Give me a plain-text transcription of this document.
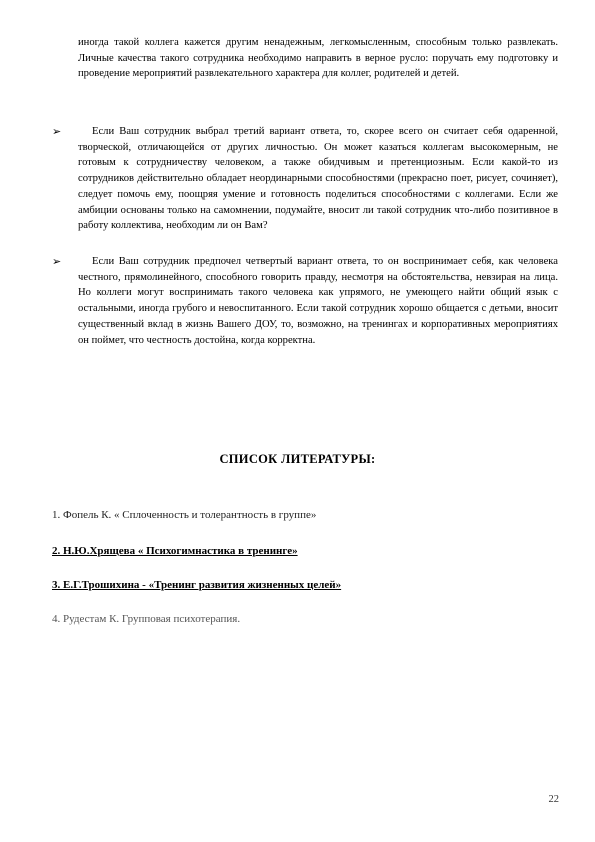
иногда такой коллега кажется другим ненадежным, легкомысленным, способным только развлекать. Личные качества такого сотрудника необходимо направить в верное русло: поручать ему подготовку и проведение мероприятий развлекательного характера для коллег, родителей и детей.

➢	Если Ваш сотрудник выбрал третий вариант ответа, то, скорее всего он считает себя одаренной, творческой, отличающейся от других личностью. Он может казаться коллегам высокомерным, не готовым к сотрудничеству человеком, а также обидчивым и претенциозным. Если какой-то из сотрудников действительно обладает неординарными способностями (прекрасно поет, рисует, сочиняет), следует помочь ему, поощряя умение и готовность поделиться способностями с коллегами. Если же амбиции основаны только на самомнении, подумайте, вносит ли такой сотрудник что-либо позитивное в работу коллектива, необходим ли он Вам?

➢	Если Ваш сотрудник предпочел четвертый вариант ответа, то он воспринимает себя, как человека честного, прямолинейного, способного говорить правду, несмотря на обстоятельства, невзирая на лица. Но коллеги могут воспринимать такого человека как упрямого, не умеющего найти общий язык с остальными, иногда грубого и невоспитанного. Если такой сотрудник хорошо общается с детьми, вносит существенный вклад в жизнь Вашего ДОУ, то, возможно, на тренингах и корпоративных мероприятиях он поймет, что честность достойна, когда корректна.

СПИСОК ЛИТЕРАТУРЫ:
1. Фопель К. « Сплоченность и толерантность в группе»
2. Н.Ю.Хрящева « Психогимнастика в тренинге»
3. Е.Г.Трошихина - «Тренинг развития жизненных целей»
4. Рудестам К. Групповая психотерапия.
22
